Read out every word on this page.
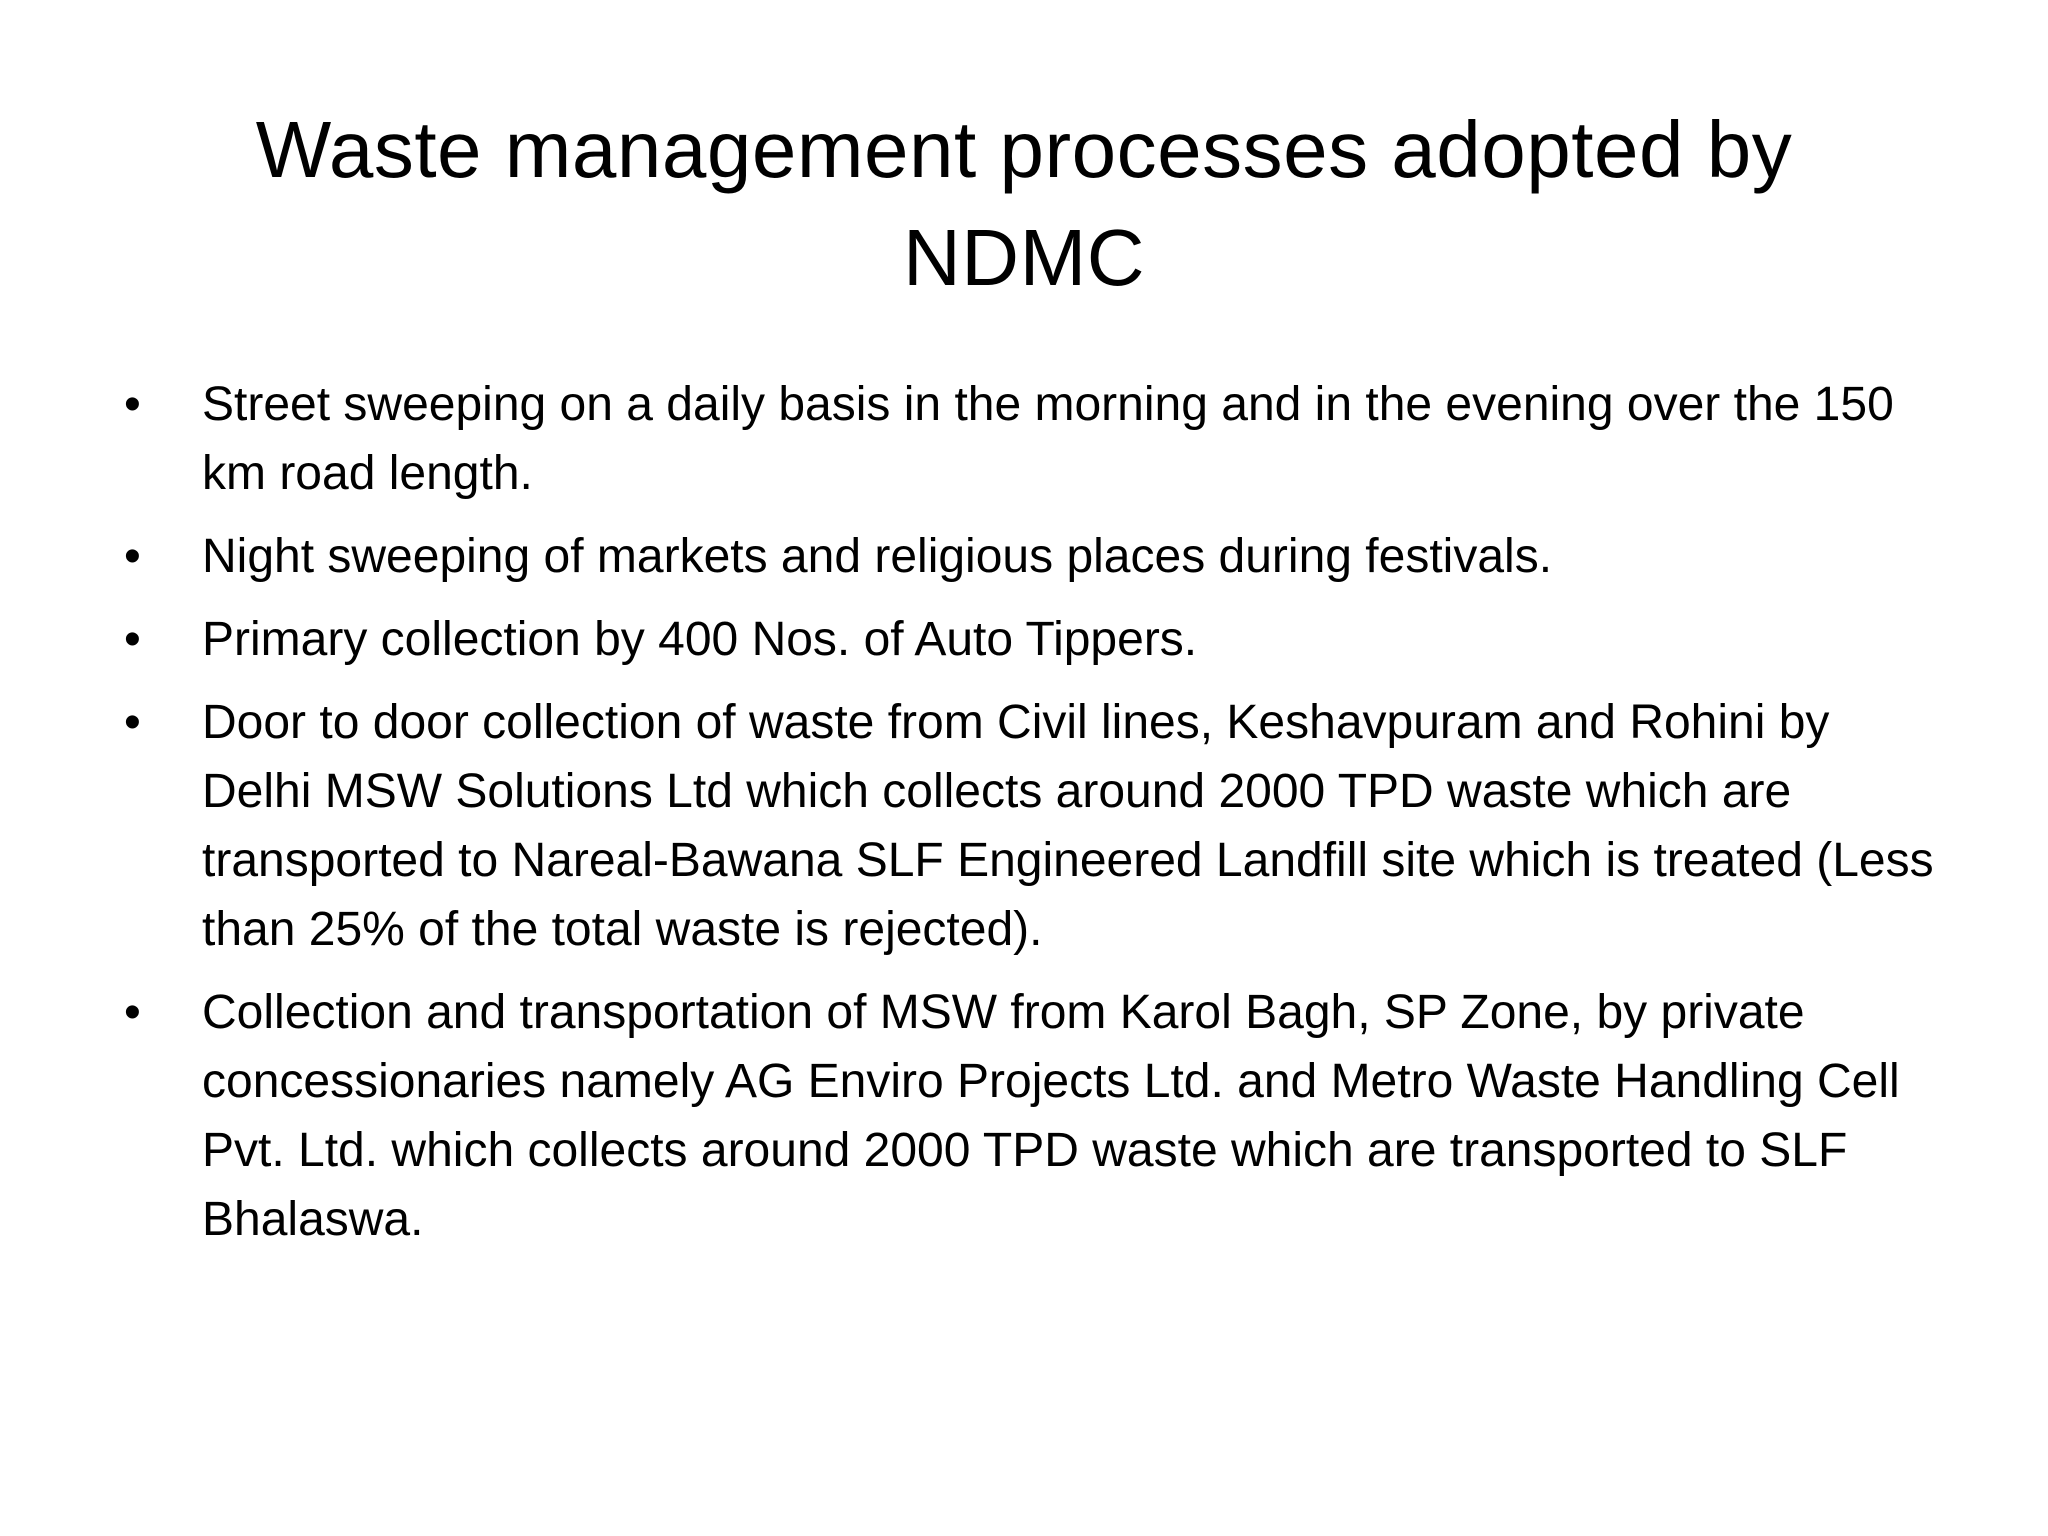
Waste management processes adopted by NDMC
•	Street sweeping on a daily basis in the morning and in the evening over the 150 km road length.
•	Night sweeping of markets and religious places during festivals.
•	Primary collection by 400 Nos. of Auto Tippers.
•	Door to door collection of waste from Civil lines, Keshavpuram and Rohini by Delhi MSW Solutions Ltd which collects around 2000 TPD waste which are transported to Nareal-Bawana SLF Engineered Landfill site which is treated (Less than 25% of the total waste is rejected).
•	Collection and transportation of MSW from Karol Bagh, SP Zone, by private concessionaries namely AG Enviro Projects Ltd. and Metro Waste Handling Cell Pvt. Ltd. which collects around 2000 TPD waste which are transported to SLF Bhalaswa.
